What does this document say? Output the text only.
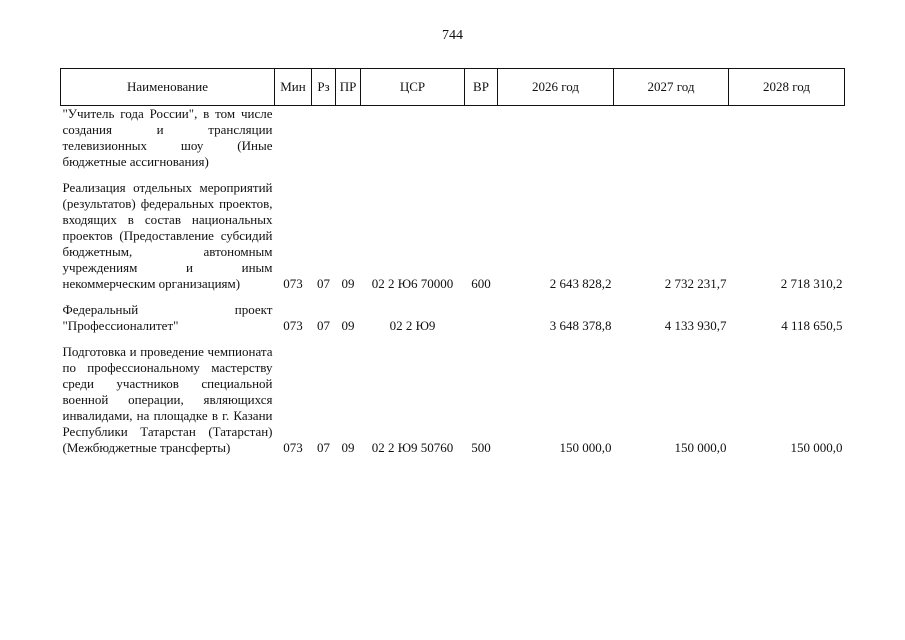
744
Наименование	Мин	Рз	ПР	ЦСР	ВР	2026 год	2027 год	2028 год
"Учитель года России", в том числе создания и трансляции телевизионных шоу (Иные бюджетные ассигнования)								
Реализация отдельных мероприятий (результатов) федеральных проектов, входящих в состав национальных проектов (Предоставление субсидий бюджетным, автономным учреждениям и иным некоммерческим организациям)	073	07	09	02 2 Ю6 70000	600	2 643 828,2	2 732 231,7	2 718 310,2
Федеральный проект "Профессионалитет"	073	07	09	02 2 Ю9		3 648 378,8	4 133 930,7	4 118 650,5
Подготовка и проведение чемпионата по профессиональному мастерству среди участников специальной военной операции, являющихся инвалидами, на площадке в г. Казани Республики Татарстан (Татарстан) (Межбюджетные трансферты)	073	07	09	02 2 Ю9 50760	500	150 000,0	150 000,0	150 000,0
